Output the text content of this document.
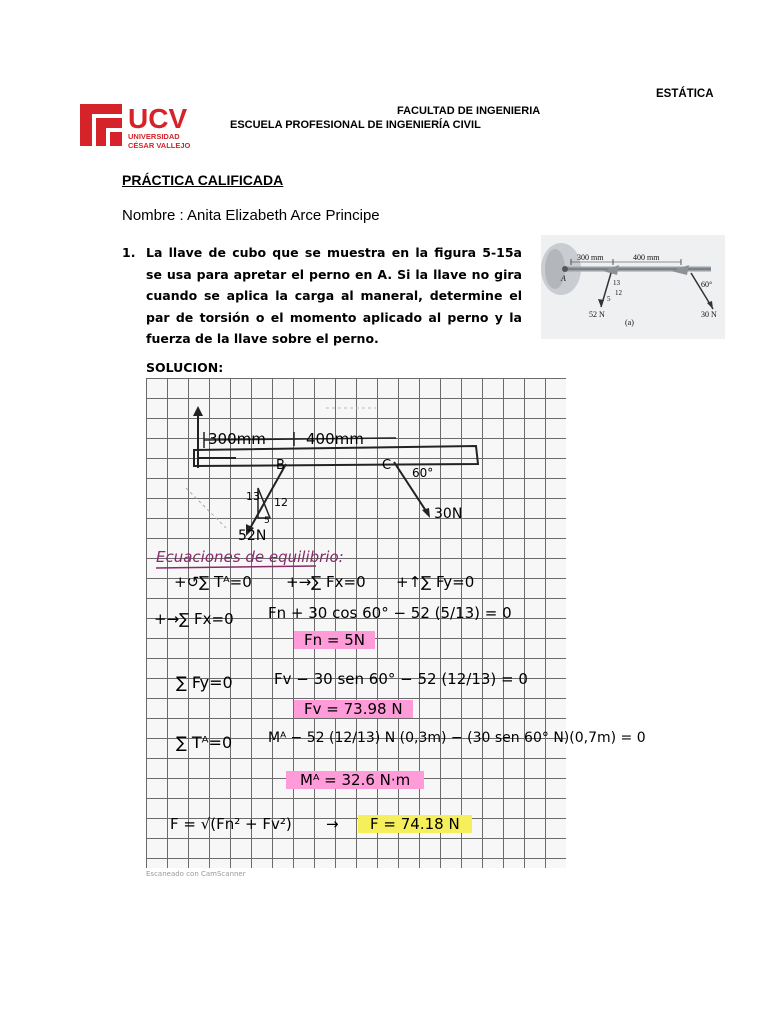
ESTÁTICA
UCV
UNIVERSIDAD
CÉSAR VALLEJO
FACULTAD DE INGENIERIA
ESCUELA PROFESIONAL DE INGENIERÍA CIVIL
PRÁCTICA CALIFICADA
Nombre : Anita Elizabeth Arce Principe
1. La llave de cubo que se muestra en la figura 5-15a se usa para apretar el perno en A. Si la llave no gira cuando se aplica la carga al maneral, determine el par de torsión o el momento aplicado al perno y la fuerza de la llave sobre el perno.
300 mm	400 mm
A	13
12
5
52 N
60°
30 N
(a)
SOLUCION:
300mm	400mm
B	C 60°
13 12
5
52N
30N
Ecuaciones de equilibrio:
+↺∑ Tᴬ=0 +→∑ Fx=0 +↑∑ Fy=0
+→∑ Fx=0 Fn + 30 cos 60° − 52 (5/13) = 0
Fn = 5N
∑ Fy=0	Fv − 30 sen 60° − 52 (12/13) = 0
Fv = 73.98 N
∑ Tᴬ=0	Mᴬ − 52 (12/13) N (0,3m) − (30 sen 60° N)(0,7m) = 0
Mᴬ = 32.6 N·m
F = √(Fn² + Fv²) →	F = 74.18 N
Escaneado con CamScanner
